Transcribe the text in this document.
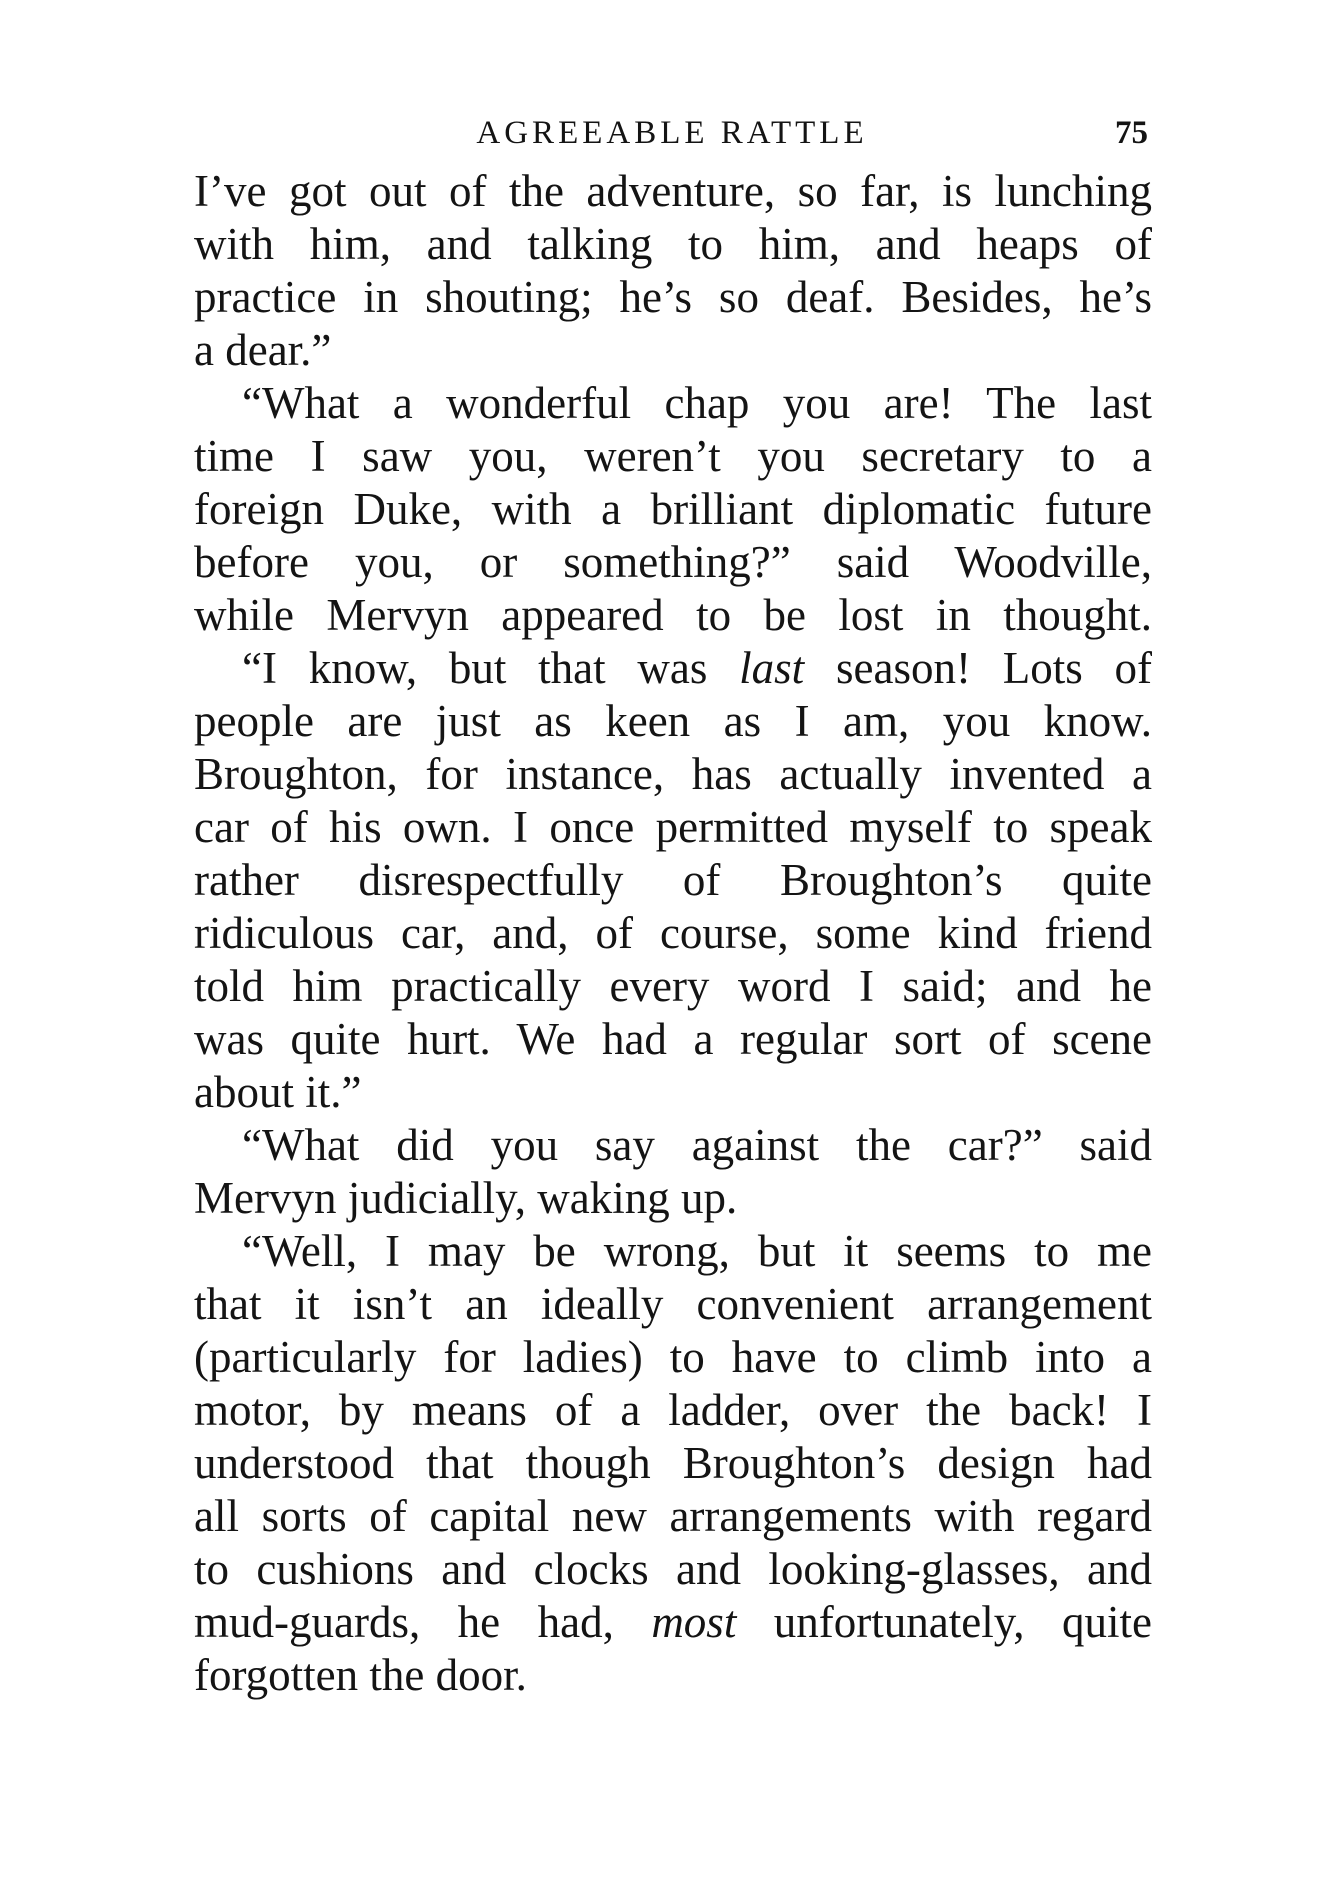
AGREEABLE RATTLE	75
I’ve got out of the adventure, so far, is lunching
with him, and talking to him, and heaps of
practice in shouting; he’s so deaf. Besides, he’s
a dear.”
“What a wonderful chap you are! The last
time I saw you, weren’t you secretary to a
foreign Duke, with a brilliant diplomatic future
before you, or something?” said Woodville,
while Mervyn appeared to be lost in thought.
“I know, but that was last season! Lots of
people are just as keen as I am, you know.
Broughton, for instance, has actually invented a
car of his own. I once permitted myself to speak
rather disrespectfully of Broughton’s quite
ridiculous car, and, of course, some kind friend
told him practically every word I said; and he
was quite hurt. We had a regular sort of scene
about it.”
“What did you say against the car?” said
Mervyn judicially, waking up.
“Well, I may be wrong, but it seems to me
that it isn’t an ideally convenient arrangement
(particularly for ladies) to have to climb into a
motor, by means of a ladder, over the back! I
understood that though Broughton’s design had
all sorts of capital new arrangements with regard
to cushions and clocks and looking-glasses, and
mud-guards, he had, most unfortunately, quite
forgotten the door.
